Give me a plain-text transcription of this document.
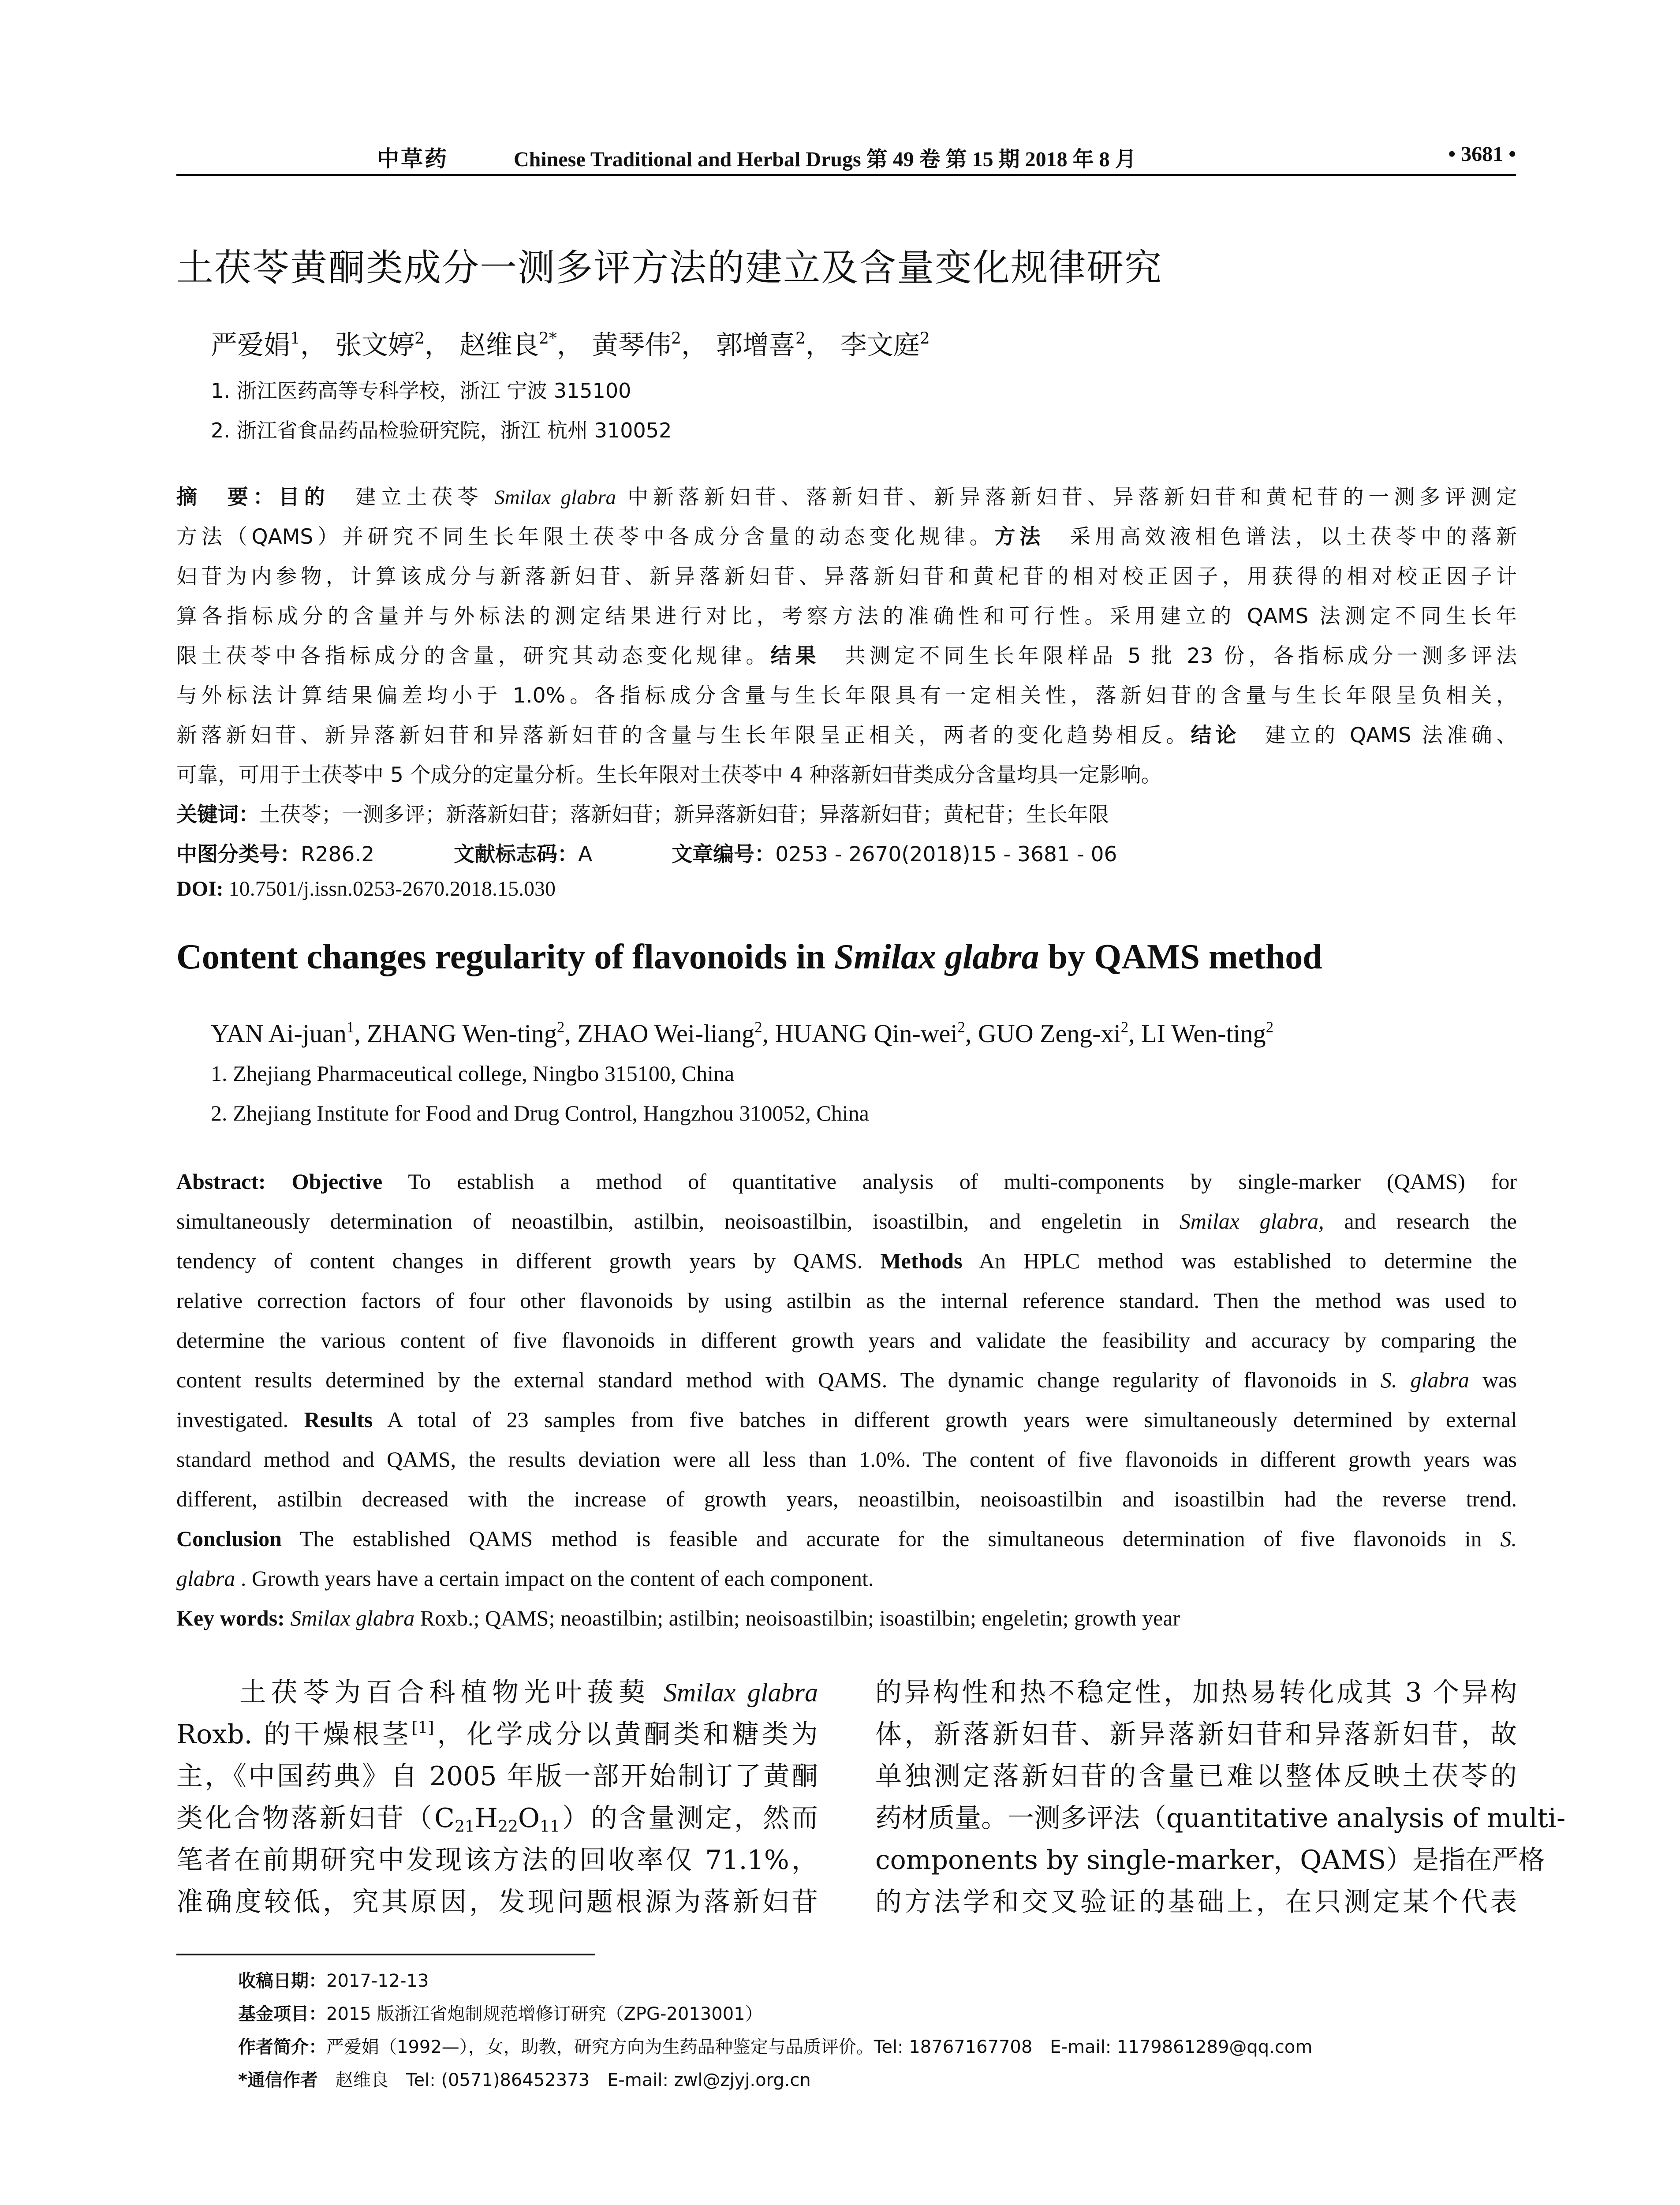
中草药	Chinese Traditional and Herbal Drugs 第 49 卷 第 15 期 2018 年 8 月	• 3681 •
土茯苓黄酮类成分一测多评方法的建立及含量变化规律研究
严爱娟$^1$， 张文婷$^2$， 赵维良$^{2*}$， 黄琴伟$^2$， 郭增喜$^2$， 李文庭$^2$
1. 浙江医药高等专科学校，浙江 宁波 315100
2. 浙江省食品药品检验研究院，浙江 杭州 310052
摘　要：目的　建立土茯苓 Smilax glabra 中新落新妇苷、落新妇苷、新异落新妇苷、异落新妇苷和黄杞苷的一测多评测定
方法（QAMS）并研究不同生长年限土茯苓中各成分含量的动态变化规律。方法　采用高效液相色谱法，以土茯苓中的落新
妇苷为内参物，计算该成分与新落新妇苷、新异落新妇苷、异落新妇苷和黄杞苷的相对校正因子，用获得的相对校正因子计
算各指标成分的含量并与外标法的测定结果进行对比，考察方法的准确性和可行性。采用建立的 QAMS 法测定不同生长年
限土茯苓中各指标成分的含量，研究其动态变化规律。结果　共测定不同生长年限样品 5 批 23 份，各指标成分一测多评法
与外标法计算结果偏差均小于 1.0%。各指标成分含量与生长年限具有一定相关性，落新妇苷的含量与生长年限呈负相关，
新落新妇苷、新异落新妇苷和异落新妇苷的含量与生长年限呈正相关，两者的变化趋势相反。结论　建立的 QAMS 法准确、
可靠，可用于土茯苓中 5 个成分的定量分析。生长年限对土茯苓中 4 种落新妇苷类成分含量均具一定影响。
关键词：土茯苓；一测多评；新落新妇苷；落新妇苷；新异落新妇苷；异落新妇苷；黄杞苷；生长年限
中图分类号：R286.2	文献标志码：A	文章编号：0253 - 2670(2018)15 - 3681 - 06
DOI: 10.7501/j.issn.0253-2670.2018.15.030
Content changes regularity of flavonoids in Smilax glabra by QAMS method
YAN Ai-juan$^1$, ZHANG Wen-ting$^2$, ZHAO Wei-liang$^2$, HUANG Qin-wei$^2$, GUO Zeng-$xi^2$, LI Wen-ting$^2$
1. Zhejiang Pharmaceutical college, Ningbo 315100, China
2. Zhejiang Institute for Food and Drug Control, Hangzhou 310052, China
Abstract: Objective To establish a method of quantitative analysis of multi-components by single-marker (QAMS) for
simultaneously determination of neoastilbin, astilbin, neoisoastilbin, isoastilbin, and engeletin in Smilax glabra, and research the
tendency of content changes in different growth years by QAMS. Methods An HPLC method was established to determine the
relative correction factors of four other flavonoids by using astilbin as the internal reference standard. Then the method was used to
determine the various content of five flavonoids in different growth years and validate the feasibility and accuracy by comparing the
content results determined by the external standard method with QAMS. The dynamic change regularity of flavonoids in S. glabra was
investigated. Results A total of 23 samples from five batches in different growth years were simultaneously determined by external
standard method and QAMS, the results deviation were all less than 1.0%. The content of five flavonoids in different growth years was
different, astilbin decreased with the increase of growth years, neoastilbin, neoisoastilbin and isoastilbin had the reverse trend.
Conclusion The established QAMS method is feasible and accurate for the simultaneous determination of five flavonoids in S.
glabra . Growth years have a certain impact on the content of each component.
Key words: Smilax glabra Roxb.; QAMS; neoastilbin; astilbin; neoisoastilbin; isoastilbin; engeletin; growth year
　　土茯苓为百合科植物光叶菝葜 Smilax glabra
Roxb. 的干燥根茎[1]，化学成分以黄酮类和糖类为
主，《中国药典》自 2005 年版一部开始制订了黄酮
类化合物落新妇苷$(C_{21}H_{22}O_{11})$的含量测定，然而
笔者在前期研究中发现该方法的回收率仅 71.1%，
准确度较低，究其原因，发现问题根源为落新妇苷
的异构性和热不稳定性，加热易转化成其 3 个异构
体，新落新妇苷、新异落新妇苷和异落新妇苷，故
单独测定落新妇苷的含量已难以整体反映土茯苓的
药材质量。一测多评法（quantitative analysis of multi-
components by single-marker，QAMS）是指在严格
的方法学和交叉验证的基础上，在只测定某个代表
收稿日期：2017-12-13
基金项目：2015 版浙江省炮制规范增修订研究（ZPG-2013001）
作者简介：严爱娟（1992—），女，助教，研究方向为生药品种鉴定与品质评价。Tel: 18767167708　E-mail: 1179861289@qq.com
*通信作者　赵维良　Tel: (0571)86452373　E-mail: zwl@zjyj.org.cn
